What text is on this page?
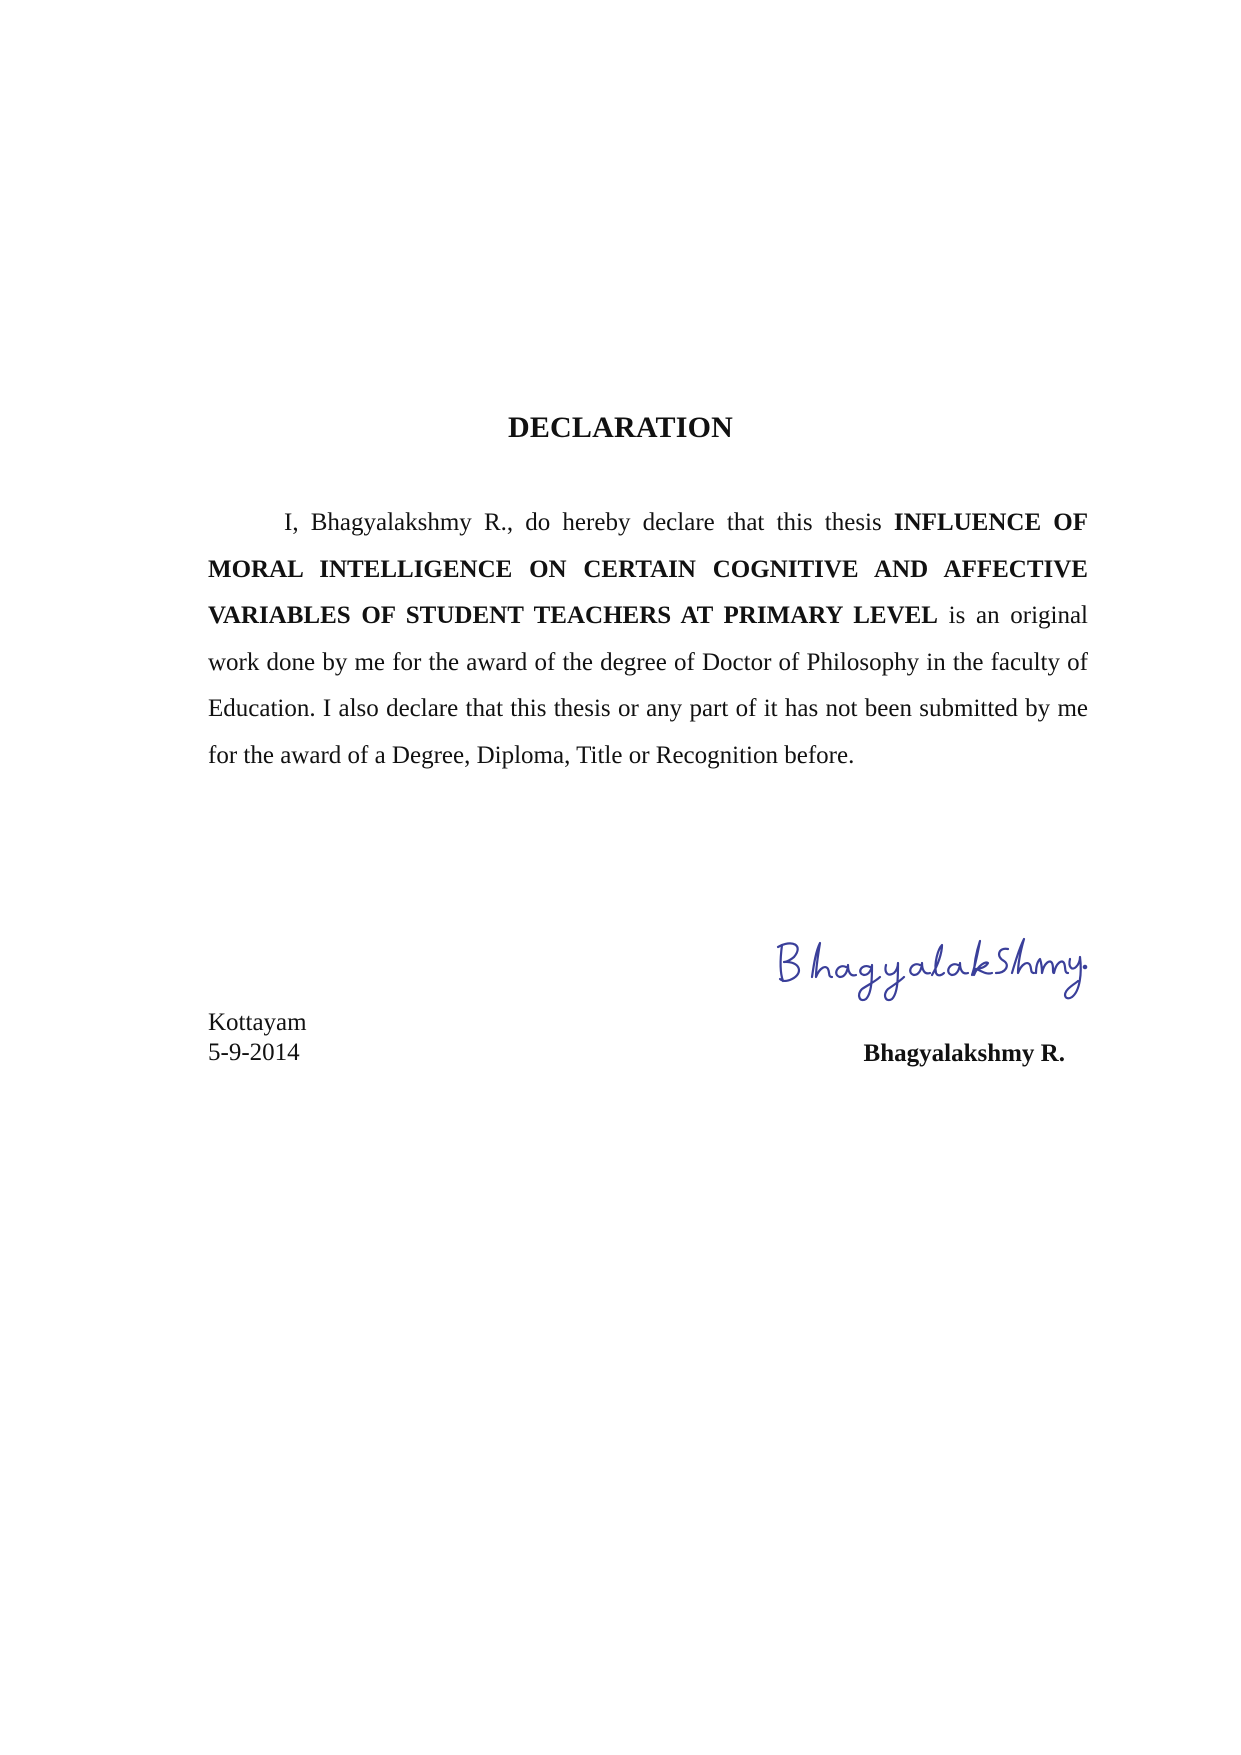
DECLARATION

I, Bhagyalakshmy R., do hereby declare that this thesis INFLUENCE OF MORAL INTELLIGENCE ON CERTAIN COGNITIVE AND AFFECTIVE VARIABLES OF STUDENT TEACHERS AT PRIMARY LEVEL is an original work done by me for the award of the degree of Doctor of Philosophy in the faculty of Education. I also declare that this thesis or any part of it has not been submitted by me for the award of a Degree, Diploma, Title or Recognition before.

Kottayam
5-9-2014	Bhagyalakshmy R.
